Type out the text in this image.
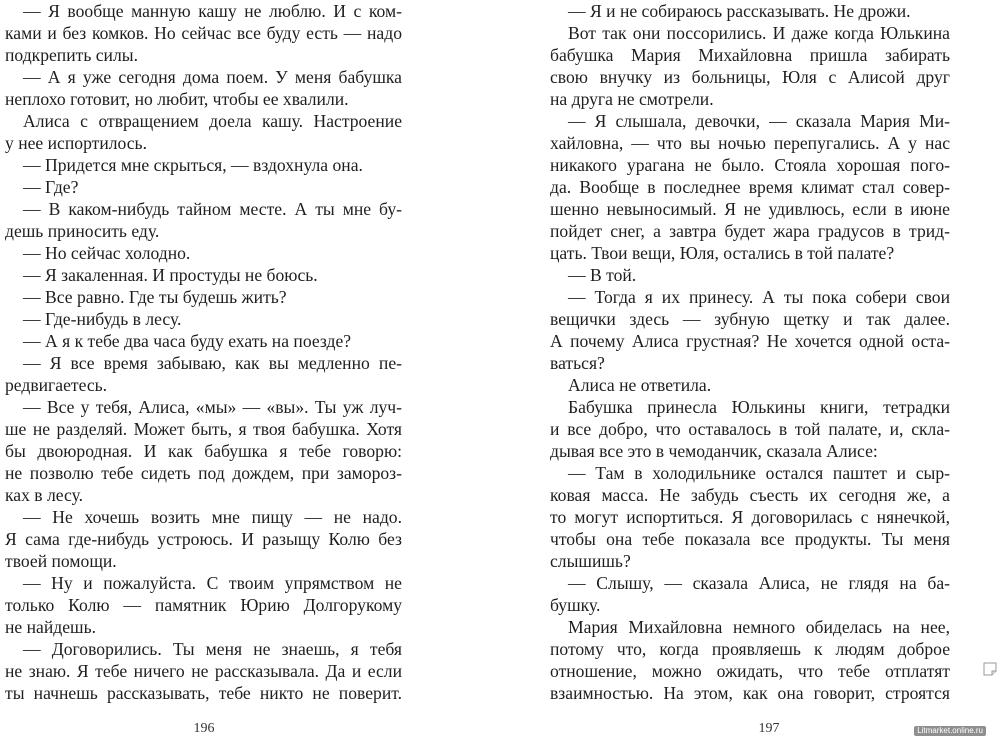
— Я вообще манную кашу не люблю. И с ком-
ками и без комков. Но сейчас все буду есть — надо
подкрепить силы.
— А я уже сегодня дома поем. У меня бабушка
неплохо готовит, но любит, чтобы ее хвалили.
Алиса с отвращением доела кашу. Настроение
у нее испортилось.
— Придется мне скрыться, — вздохнула она.
— Где?
— В каком-нибудь тайном месте. А ты мне бу-
дешь приносить еду.
— Но сейчас холодно.
— Я закаленная. И простуды не боюсь.
— Все равно. Где ты будешь жить?
— Где-нибудь в лесу.
— А я к тебе два часа буду ехать на поезде?
— Я все время забываю, как вы медленно пе-
редвигаетесь.
— Все у тебя, Алиса, «мы» — «вы». Ты уж луч-
ше не разделяй. Может быть, я твоя бабушка. Хотя
бы двоюродная. И как бабушка я тебе говорю:
не позволю тебе сидеть под дождем, при замороз-
ках в лесу.
— Не хочешь возить мне пищу — не надо.
Я сама где-нибудь устроюсь. И разыщу Колю без
твоей помощи.
— Ну и пожалуйста. С твоим упрямством не
только Колю — памятник Юрию Долгорукому
не найдешь.
— Договорились. Ты меня не знаешь, я тебя
не знаю. Я тебе ничего не рассказывала. Да и если
ты начнешь рассказывать, тебе никто не поверит.
196
— Я и не собираюсь рассказывать. Не дрожи.
Вот так они поссорились. И даже когда Юлькина
бабушка Мария Михайловна пришла забирать
свою внучку из больницы, Юля с Алисой друг
на друга не смотрели.
— Я слышала, девочки, — сказала Мария Ми-
хайловна, — что вы ночью перепугались. А у нас
никакого урагана не было. Стояла хорошая пого-
да. Вообще в последнее время климат стал совер-
шенно невыносимый. Я не удивлюсь, если в июне
пойдет снег, а завтра будет жара градусов в трид-
цать. Твои вещи, Юля, остались в той палате?
— В той.
— Тогда я их принесу. А ты пока собери свои
вещички здесь — зубную щетку и так далее.
А почему Алиса грустная? Не хочется одной оста-
ваться?
Алиса не ответила.
Бабушка принесла Юлькины книги, тетрадки
и все добро, что оставалось в той палате, и, скла-
дывая все это в чемоданчик, сказала Алисе:
— Там в холодильнике остался паштет и сыр-
ковая масса. Не забудь съесть их сегодня же, а
то могут испортиться. Я договорилась с нянечкой,
чтобы она тебе показала все продукты. Ты меня
слышишь?
— Слышу, — сказала Алиса, не глядя на ба-
бушку.
Мария Михайловна немного обиделась на нее,
потому что, когда проявляешь к людям доброе
отношение, можно ожидать, что тебе отплатят
взаимностью. На этом, как она говорит, строятся
197	Litmarket.online.ru
